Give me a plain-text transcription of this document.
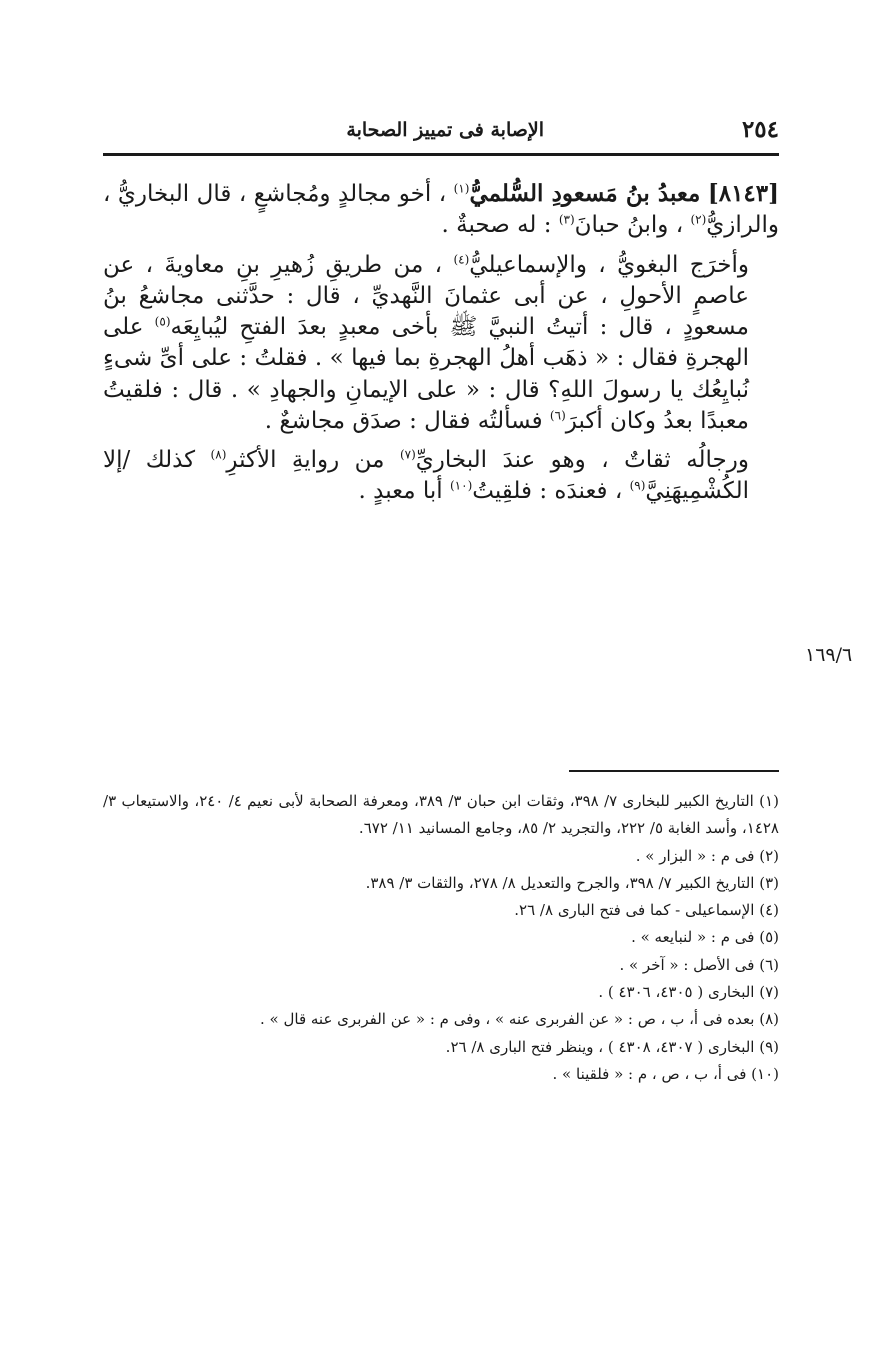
٢٥٤
الإصابة فى تمييز الصحابة

[٨١٤٣] معبدُ بنُ مَسعودِ السُّلميُّ$^{(١)}$ ، أخو مجالدٍ ومُجاشعٍ ، قال البخاريُّ ، والرازيُّ$^{(٢)}$ ، وابنُ حبانَ$^{(٣)}$ : له صحبةٌ .

وأخرَج البغويُّ ، والإسماعيليُّ$^{(٤)}$ ، من طريقِ زُهيرِ بنِ معاويةَ ، عن عاصمٍ الأحولِ ، عن أبى عثمانَ النَّهديِّ ، قال : حدَّثنى مجاشعُ بنُ مسعودٍ ، قال : أتيتُ النبيَّ ﷺ بأخى معبدٍ بعدَ الفتحِ ليُبايِعَه$^{(٥)}$ على الهجرةِ فقال : « ذهَب أهلُ الهجرةِ بما فيها » . فقلتُ : على أىِّ شىءٍ نُبايِعُك يا رسولَ اللهِ؟ قال : « على الإيمانِ والجهادِ » . قال : فلقيتُ معبدًا بعدُ وكان أكبرَ$^{(٦)}$ فسألتُه فقال : صدَق مجاشعٌ .

ورجالُه ثقاتٌ ، وهو عندَ البخاريِّ$^{(٧)}$ من روايةِ الأكثرِ$^{(٨)}$ كذلك /إلا الكُشْمِيهَنِيَّ$^{(٩)}$ ، فعندَه : فلقِيتُ$^{(١٠)}$ أبا معبدٍ .

١٦٩/٦

(١) التاريخ الكبير للبخارى ٧/ ٣٩٨، وثقات ابن حبان ٣/ ٣٨٩، ومعرفة الصحابة لأبى نعيم ٤/ ٢٤٠، والاستيعاب ٣/ ١٤٢٨، وأسد الغابة ٥/ ٢٢٢، والتجريد ٢/ ٨٥، وجامع المسانيد ١١/ ٦٧٢.

(٢) فى م : « البزار » .

(٣) التاريخ الكبير ٧/ ٣٩٨، والجرح والتعديل ٨/ ٢٧٨، والثقات ٣/ ٣٨٩.

(٤) الإسماعيلى - كما فى فتح البارى ٨/ ٢٦.

(٥) فى م : « لنبايعه » .

(٦) فى الأصل : « آخر » .

(٧) البخارى ( ٤٣٠٥، ٤٣٠٦ ) .

(٨) بعده فى أ، ب ، ص : « عن الفربرى عنه » ، وفى م : « عن الفربرى عنه قال » .

(٩) البخارى ( ٤٣٠٧، ٤٣٠٨ ) ، وينظر فتح البارى ٨/ ٢٦.

(١٠) فى أ، ب ، ص ، م : « فلقينا » .
